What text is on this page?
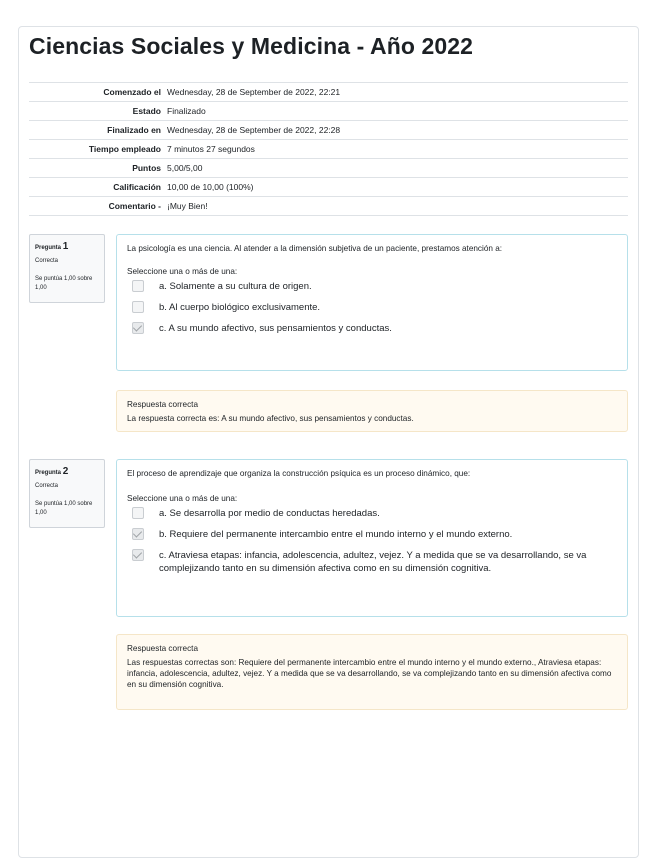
Ciencias Sociales y Medicina - Año 2022
Comenzado el	Wednesday, 28 de September de 2022, 22:21
Estado	Finalizado
Finalizado en	Wednesday, 28 de September de 2022, 22:28
Tiempo empleado	7 minutos 27 segundos
Puntos	5,00/5,00
Calificación	10,00 de 10,00 (100%)
Comentario -	¡Muy Bien!
Pregunta 1
Correcta
Se puntúa 1,00 sobre 1,00

La psicología es una ciencia. Al atender a la dimensión subjetiva de un paciente, prestamos atención a:

Seleccione una o más de una:

a. Solamente a su cultura de origen.
b. Al cuerpo biológico exclusivamente.
c. A su mundo afectivo, sus pensamientos y conductas.

Respuesta correcta

La respuesta correcta es: A su mundo afectivo, sus pensamientos y conductas.
Pregunta 2
Correcta
Se puntúa 1,00 sobre 1,00

El proceso de aprendizaje que organiza la construcción psíquica es un proceso dinámico, que:

Seleccione una o más de una:

a. Se desarrolla por medio de conductas heredadas.
b. Requiere del permanente intercambio entre el mundo interno y el mundo externo.
c. Atraviesa etapas: infancia, adolescencia, adultez, vejez. Y a medida que se va desarrollando, se va complejizando tanto en su dimensión afectiva como en su dimensión cognitiva.

Respuesta correcta

Las respuestas correctas son: Requiere del permanente intercambio entre el mundo interno y el mundo externo., Atraviesa etapas: infancia, adolescencia, adultez, vejez. Y a medida que se va desarrollando, se va complejizando tanto en su dimensión afectiva como en su dimensión cognitiva.
